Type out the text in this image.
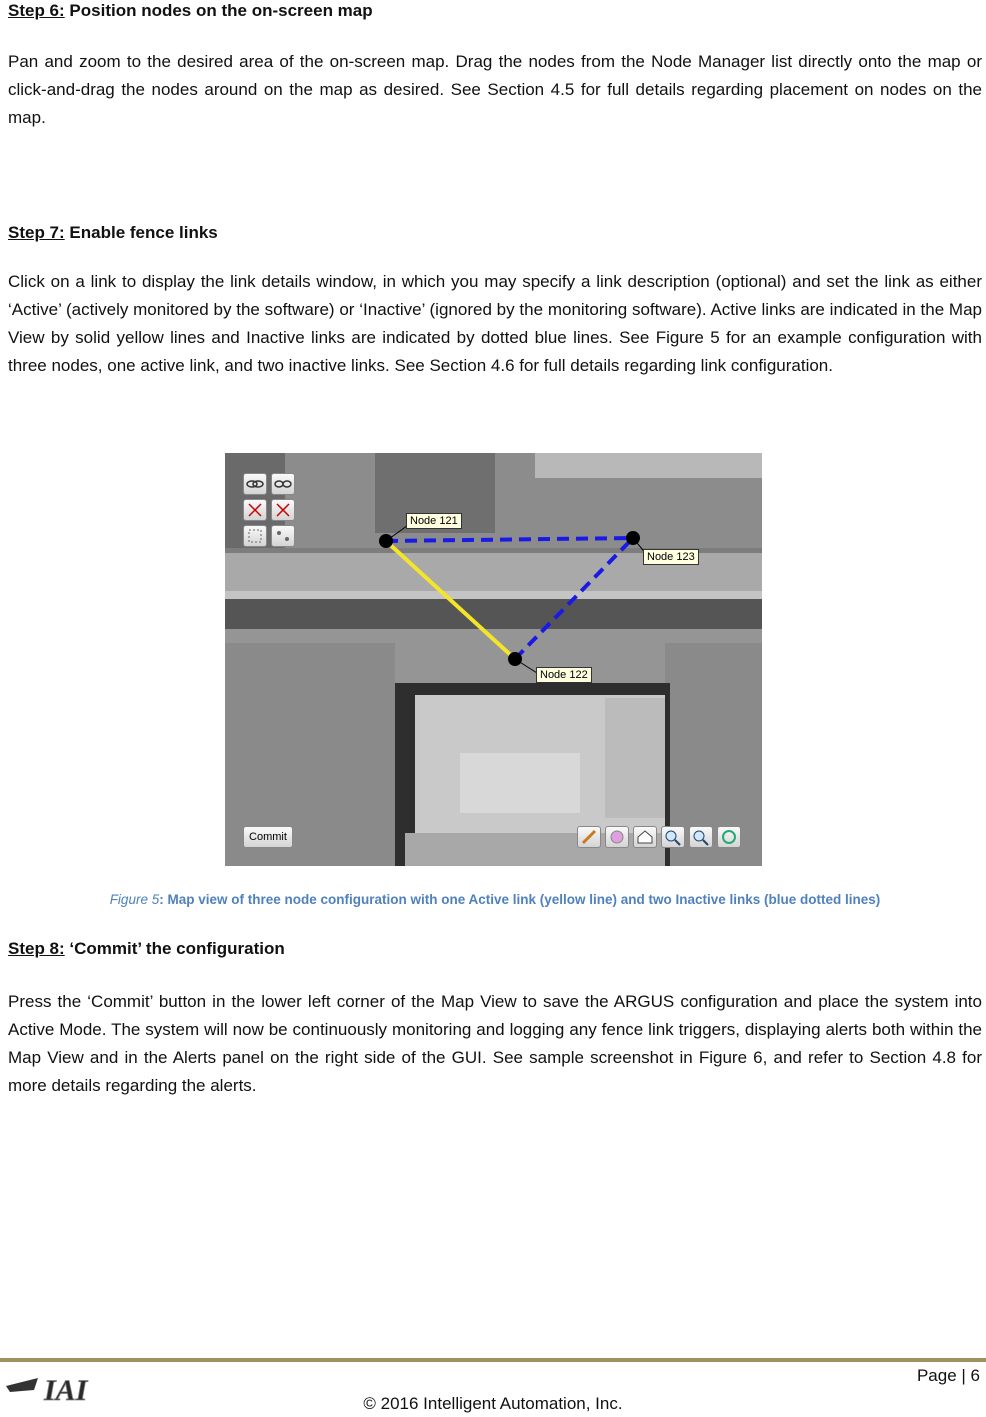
Step 6: Position nodes on the on-screen map

Pan and zoom to the desired area of the on-screen map. Drag the nodes from the Node Manager list directly onto the map or click-and-drag the nodes around on the map as desired. See Section 4.5 for full details regarding placement on nodes on the map.

Step 7: Enable fence links

Click on a link to display the link details window, in which you may specify a link description (optional) and set the link as either ‘Active’ (actively monitored by the software) or ‘Inactive’ (ignored by the monitoring software). Active links are indicated in the Map View by solid yellow lines and Inactive links are indicated by dotted blue lines. See Figure 5 for an example configuration with three nodes, one active link, and two inactive links. See Section 4.6 for full details regarding link configuration.

Node 121
Node 123
Node 122
Commit
Figure 5: Map view of three node configuration with one Active link (yellow line) and two Inactive links (blue dotted lines)
Step 8: ‘Commit’ the configuration

Press the ‘Commit’ button in the lower left corner of the Map View to save the ARGUS configuration and place the system into Active Mode. The system will now be continuously monitoring and logging any fence link triggers, displaying alerts both within the Map View and in the Alerts panel on the right side of the GUI. See sample screenshot in Figure 6, and refer to Section 4.8 for more details regarding the alerts.

IAI	Page | 6
© 2016 Intelligent Automation, Inc.
